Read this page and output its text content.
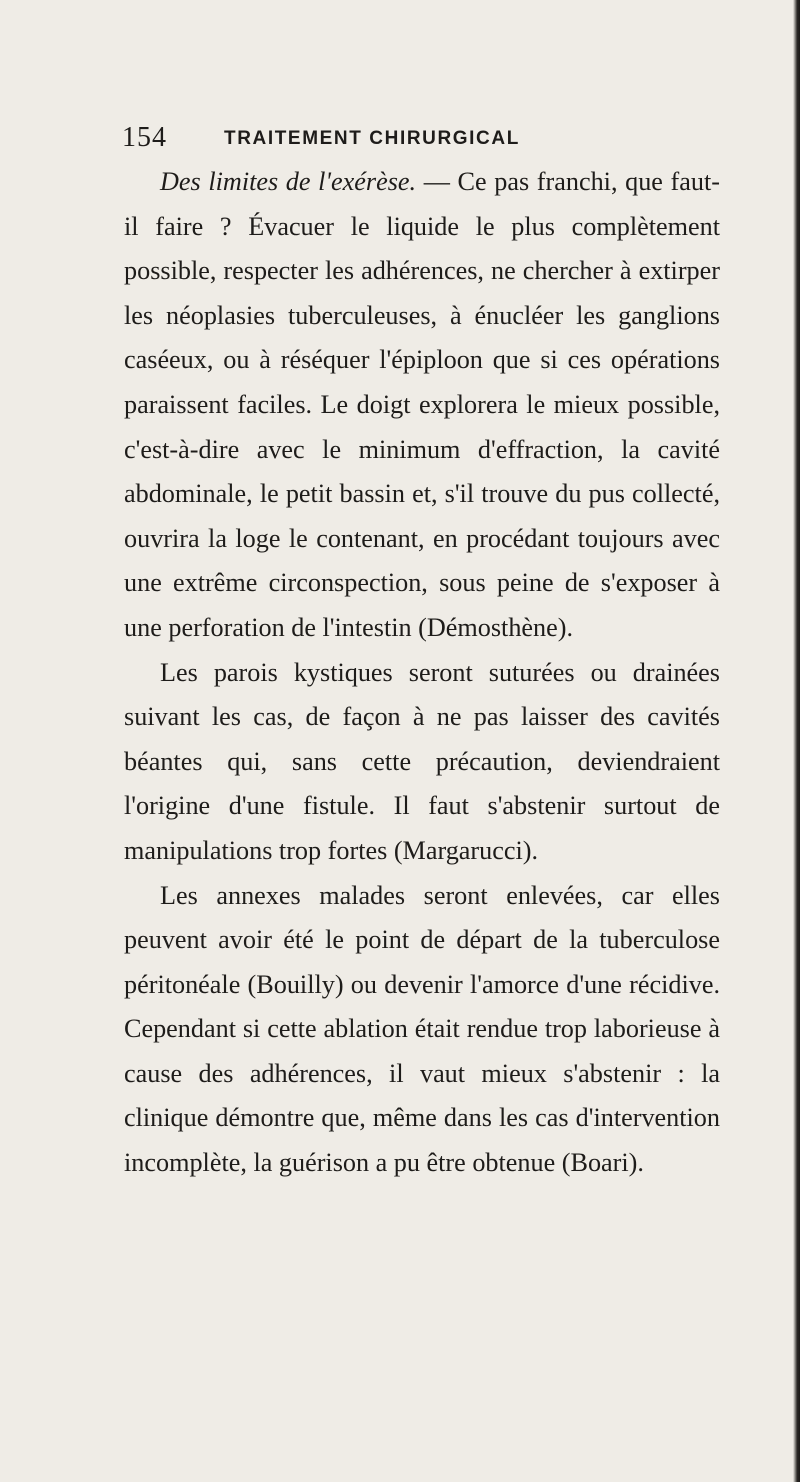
154	TRAITEMENT CHIRURGICAL

Des limites de l'exérèse. — Ce pas franchi, que faut-il faire ? Évacuer le liquide le plus complètement possible, respecter les adhérences, ne chercher à extirper les néoplasies tuberculeuses, à énucléer les ganglions caséeux, ou à réséquer l'épiploon que si ces opérations paraissent faciles. Le doigt explorera le mieux possible, c'est-à-dire avec le minimum d'effraction, la cavité abdominale, le petit bassin et, s'il trouve du pus collecté, ouvrira la loge le contenant, en procédant toujours avec une extrême circonspection, sous peine de s'exposer à une perforation de l'intestin (Démosthène).

Les parois kystiques seront suturées ou drainées suivant les cas, de façon à ne pas laisser des cavités béantes qui, sans cette précaution, deviendraient l'origine d'une fistule. Il faut s'abstenir surtout de manipulations trop fortes (Margarucci).

Les annexes malades seront enlevées, car elles peuvent avoir été le point de départ de la tuberculose péritonéale (Bouilly) ou devenir l'amorce d'une récidive. Cependant si cette ablation était rendue trop laborieuse à cause des adhérences, il vaut mieux s'abstenir : la clinique démontre que, même dans les cas d'intervention incomplète, la guérison a pu être obtenue (Boari).
